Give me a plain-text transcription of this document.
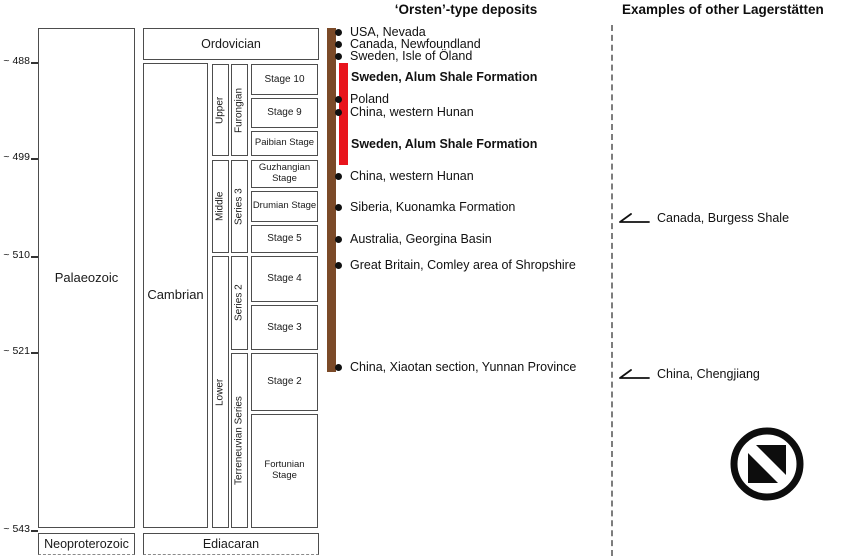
‘Orsten’-type deposits	Examples of other Lagerstätten
Palaeozoic
Neoproterozoic
Ordovician
Cambrian
Upper Furongian
Stage 10
Stage 9
Paibian Stage
Middle Series 3
Guzhangian Stage
Drumian Stage
Stage 5
Lower
Series 2
Stage 4
Stage 3
Terreneuvian Series
Stage 2
Fortunian Stage
Ediacaran
~ 488
~ 499
~ 510
~ 521
~ 543
USA, Nevada
Canada, Newfoundland
Sweden, Isle of Öland
Sweden, Alum Shale Formation
Poland
China, western Hunan
Sweden, Alum Shale Formation
China, western Hunan
Siberia, Kuonamka Formation
Australia, Georgina Basin
Great Britain, Comley area of Shropshire
China, Xiaotan section, Yunnan Province
Canada, Burgess Shale
China, Chengjiang
